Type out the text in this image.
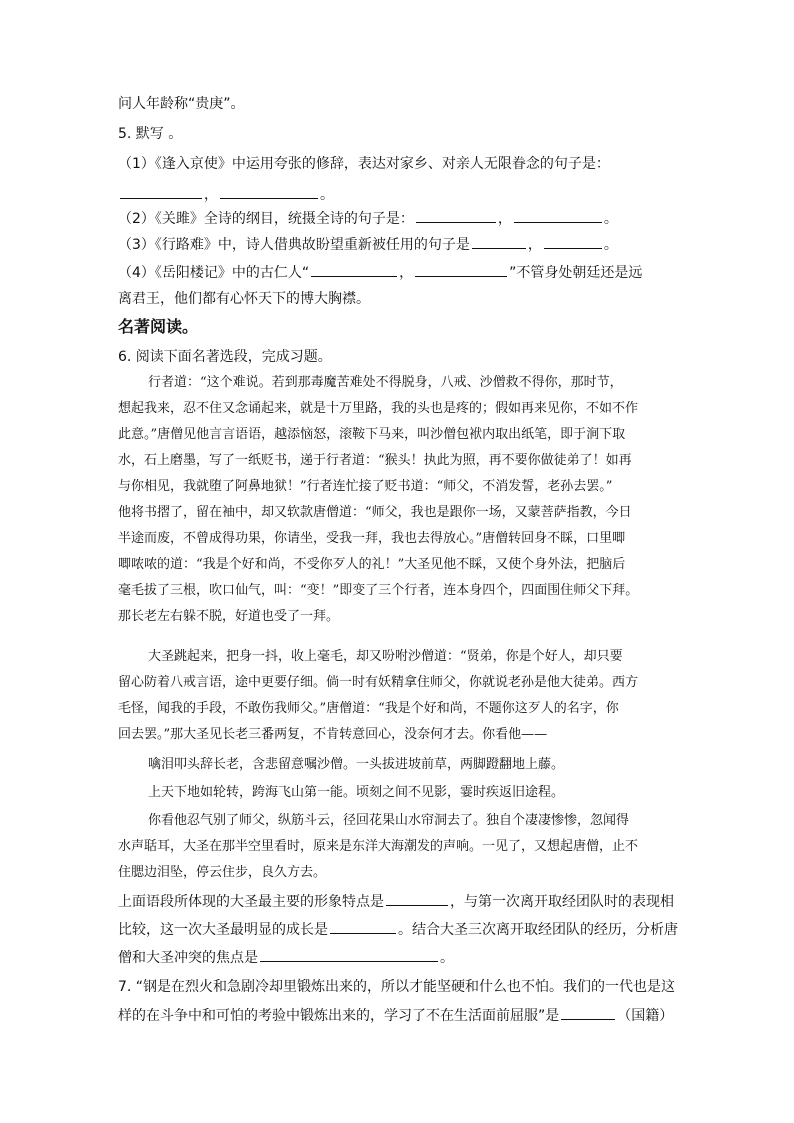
问人年龄称“贵庚”。
5. 默写 。
（1）《逢入京使》中运用夸张的修辞，表达对家乡、对亲人无限眷念的句子是：
，	。
（2）《关雎》全诗的纲目，统摄全诗的句子是：	，	。
（3）《行路难》中，诗人借典故盼望重新被任用的句子是	，	。
（4）《岳阳楼记》中的古仁人“	，	”不管身处朝廷还是远
离君王，他们都有心怀天下的博大胸襟。
名著阅读。
6. 阅读下面名著选段，完成习题。
行者道：“这个难说。若到那毒魔苦难处不得脱身，八戒、沙僧救不得你，那时节，
想起我来，忍不住又念诵起来，就是十万里路，我的头也是疼的；假如再来见你，不如不作
此意。”唐僧见他言言语语，越添恼怒，滚鞍下马来，叫沙僧包袱内取出纸笔，即于涧下取
水，石上磨墨，写了一纸贬书，递于行者道：“猴头！执此为照，再不要你做徒弟了！如再
与你相见，我就堕了阿鼻地狱！”行者连忙接了贬书道：“师父，不消发誓，老孙去罢。”
他将书摺了，留在袖中，却又软款唐僧道：“师父，我也是跟你一场，又蒙菩萨指教，今日
半途而废，不曾成得功果，你请坐，受我一拜，我也去得放心。”唐僧转回身不睬，口里唧
唧哝哝的道：“我是个好和尚，不受你歹人的礼！”大圣见他不睬，又使个身外法，把脑后
毫毛拔了三根，吹口仙气，叫：“变！”即变了三个行者，连本身四个，四面围住师父下拜。
那长老左右躲不脱，好道也受了一拜。
大圣跳起来，把身一抖，收上毫毛，却又吩咐沙僧道：“贤弟，你是个好人，却只要
留心防着八戒言语，途中更要仔细。倘一时有妖精拿住师父，你就说老孙是他大徒弟。西方
毛怪，闻我的手段，不敢伤我师父。”唐僧道：“我是个好和尚，不题你这歹人的名字，你
回去罢。”那大圣见长老三番两复，不肯转意回心，没奈何才去。你看他——
噙泪叩头辞长老，含悲留意嘱沙僧。一头拔进坡前草，两脚蹬翻地上藤。
上天下地如轮转，跨海飞山第一能。顷刻之间不见影，霎时疾返旧途程。
你看他忍气别了师父，纵筋斗云，径回花果山水帘洞去了。独自个凄凄惨惨，忽闻得
水声聒耳，大圣在那半空里看时，原来是东洋大海潮发的声响。一见了，又想起唐僧，止不
住腮边泪坠，停云住步，良久方去。
上面语段所体现的大圣最主要的形象特点是	，与第一次离开取经团队时的表现相
比较，这一次大圣最明显的成长是	。结合大圣三次离开取经团队的经历，分析唐
僧和大圣冲突的焦点是	。
7. “钢是在烈火和急剧冷却里锻炼出来的，所以才能坚硬和什么也不怕。我们的一代也是这
样的在斗争中和可怕的考验中锻炼出来的，学习了不在生活面前屈服”是	（国籍）
